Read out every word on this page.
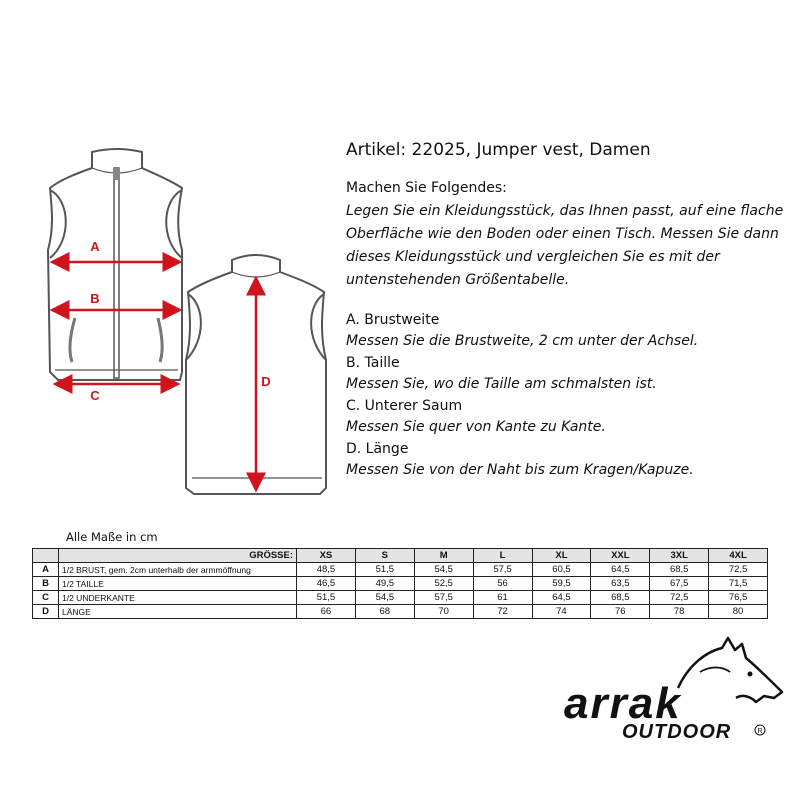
A
B
C
D

Artikel: 22025, Jumper vest, Damen

Machen Sie Folgendes:

Legen Sie ein Kleidungsstück, das Ihnen passt, auf eine flache

Oberfläche wie den Boden oder einen Tisch. Messen Sie dann

dieses Kleidungsstück und vergleichen Sie es mit der

untenstehenden Größentabelle.

A. Brustweite

Messen Sie die Brustweite, 2 cm unter der Achsel.

B. Taille

Messen Sie, wo die Taille am schmalsten ist.

C. Unterer Saum

Messen Sie quer von Kante zu Kante.

D. Länge

Messen Sie von der Naht bis zum Kragen/Kapuze.

Alle Maße in cm
	GRÖSSE:	XS	S	M	L	XL	XXL	3XL	4XL
A	1/2 BRUST, gem. 2cm unterhalb der armmöffnung	48,5	51,5	54,5	57,5	60,5	64,5	68,5	72,5
B	1/2 TAILLE	46,5	49,5	52,5	56	59,5	63,5	67,5	71,5
C	1/2 UNDERKANTE	51,5	54,5	57,5	61	64,5	68,5	72,5	76,5
D	LÄNGE	66	68	70	72	74	76	78	80
arrak
OUTDOOR	R
